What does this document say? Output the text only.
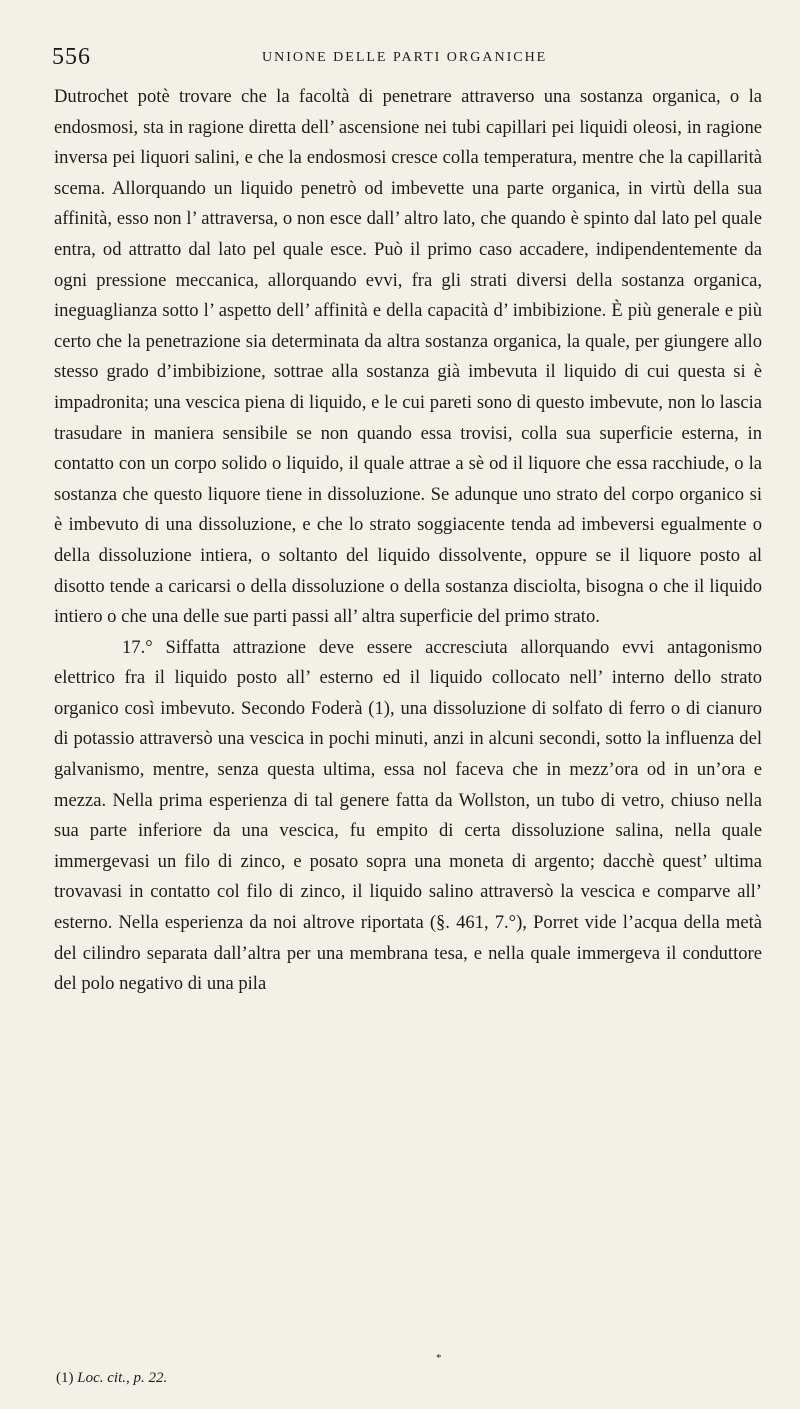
556	UNIONE DELLE PARTI ORGANICHE

Dutrochet potè trovare che la facoltà di penetrare attraverso una sostanza organica, o la endosmosi, sta in ragione diretta dell’ ascensione nei tubi capillari pei liquidi oleosi, in ragione inversa pei liquori salini, e che la endosmosi cresce colla temperatura, mentre che la capillarità scema. Allorquando un liquido penetrò od imbevette una parte organica, in virtù della sua affinità, esso non l’ attraversa, o non esce dall’ altro lato, che quando è spinto dal lato pel quale entra, od attratto dal lato pel quale esce. Può il primo caso accadere, indipendentemente da ogni pressione meccanica, allorquando evvi, fra gli strati diversi della sostanza organica, ineguaglianza sotto l’ aspetto dell’ affinità e della capacità d’ imbibizione. È più generale e più certo che la penetrazione sia determinata da altra sostanza organica, la quale, per giungere allo stesso grado d’imbibizione, sottrae alla sostanza già imbevuta il liquido di cui questa si è impadronita; una vescica piena di liquido, e le cui pareti sono di questo imbevute, non lo lascia trasudare in maniera sensibile se non quando essa trovisi, colla sua superficie esterna, in contatto con un corpo solido o liquido, il quale attrae a sè od il liquore che essa racchiude, o la sostanza che questo liquore tiene in dissoluzione. Se adunque uno strato del corpo organico si è imbevuto di una dissoluzione, e che lo strato soggiacente tenda ad imbeversi egualmente o della dissoluzione intiera, o soltanto del liquido dissolvente, oppure se il liquore posto al disotto tende a caricarsi o della dissoluzione o della sostanza disciolta, bisogna o che il liquido intiero o che una delle sue parti passi all’ altra superficie del primo strato.

17.° Siffatta attrazione deve essere accresciuta allorquando evvi antagonismo elettrico fra il liquido posto all’ esterno ed il liquido collocato nell’ interno dello strato organico così imbevuto. Secondo Foderà (1), una dissoluzione di solfato di ferro o di cianuro di potassio attraversò una vescica in pochi minuti, anzi in alcuni secondi, sotto la influenza del galvanismo, mentre, senza questa ultima, essa nol faceva che in mezz’ora od in un’ora e mezza. Nella prima esperienza di tal genere fatta da Wollston, un tubo di vetro, chiuso nella sua parte inferiore da una vescica, fu empito di certa dissoluzione salina, nella quale immergevasi un filo di zinco, e posato sopra una moneta di argento; dacchè quest’ ultima trovavasi in contatto col filo di zinco, il liquido salino attraversò la vescica e comparve all’ esterno. Nella esperienza da noi altrove riportata (§. 461, 7.°), Porret vide l’acqua della metà del cilindro separata dall’altra per una membrana tesa, e nella quale immergeva il conduttore del polo negativo di una pila

*
(1) Loc. cit., p. 22.
